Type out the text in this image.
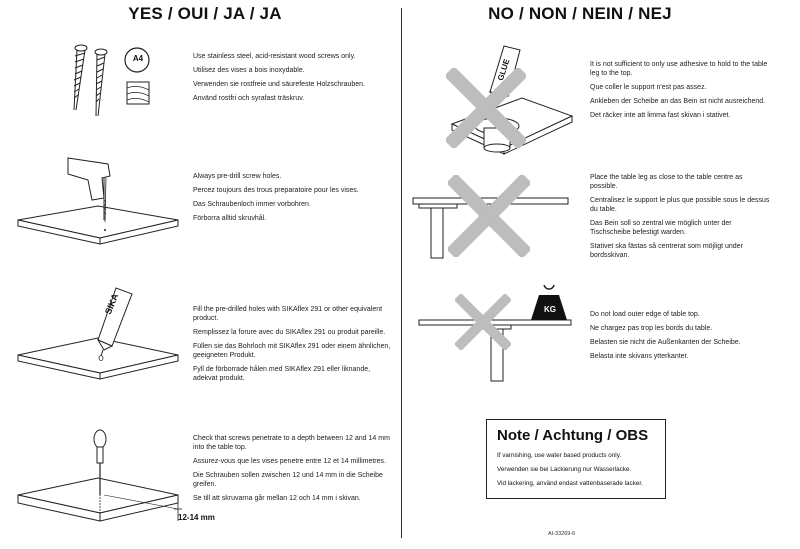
YES / OUI / JA / JA	NO / NON / NEIN / NEJ
A4
SIKA
12-14 mm

Use stainless steel, acid-resistant wood screws only.

Utilisez des vises a bois inoxydable.

Verwenden sie rostfreie und säurefeste Holzschrauben.

Använd rostfri och syrafast träskruv.

Always pre-drill screw holes.

Percez toujours des trous preparatoire pour les vises.

Das Schraubenloch immer vorbohren.

Förborra alltid skruvhål.

Fill the pre-drilled holes with SIKAflex 291 or other equivalent product.

Remplissez la forure avec du SIKAflex 291 ou produit pareille.

Füllen sie das Bohrloch mit SIKAflex 291 oder einem ähnlichen, geeigneten Produkt.

Fyll de förborrade hålen med SIKAflex 291 eller liknande, adekvat produkt.

Check that screws penetrate to a depth between 12 and 14 mm into the table top.

Assurez-vous que les vises penetre entre 12 et 14 millimetres.

Die Schrauben sollen zwischen 12 und 14 mm in die Scheibe greifen.

Se till att skruvarna går mellan 12 och 14 mm i skivan.

GLUE
KG

It is not sufficient to only use adhesive to hold to the table leg to the top.

Que coller le support n'est pas assez.

Ankleben der Scheibe an das Bein ist nicht ausreichend.

Det räcker inte att limma fast skivan i stativet.

Place the table leg as close to the table centre as possible.

Centralisez le support le plus que possible sous le dessus du table.

Das Bein soll so zentral wie möglich unter der Tischscheibe befestigt warden.

Stativet ska fästas så centrerat som möjligt under bordsskivan.

Do not load outer edge of table top.

Ne chargez pas trop les bords du table.

Belasten sie nicht die Außenkanten der Scheibe.

Belasta inte skivans ytterkanter.

Note / Achtung / OBS

If varnishing, use water based products only.

Verwenden sie bei Lackierung nur Wasserlacke.

Vid lackering, använd endast vattenbaserade lacker.

AI-33269-6
